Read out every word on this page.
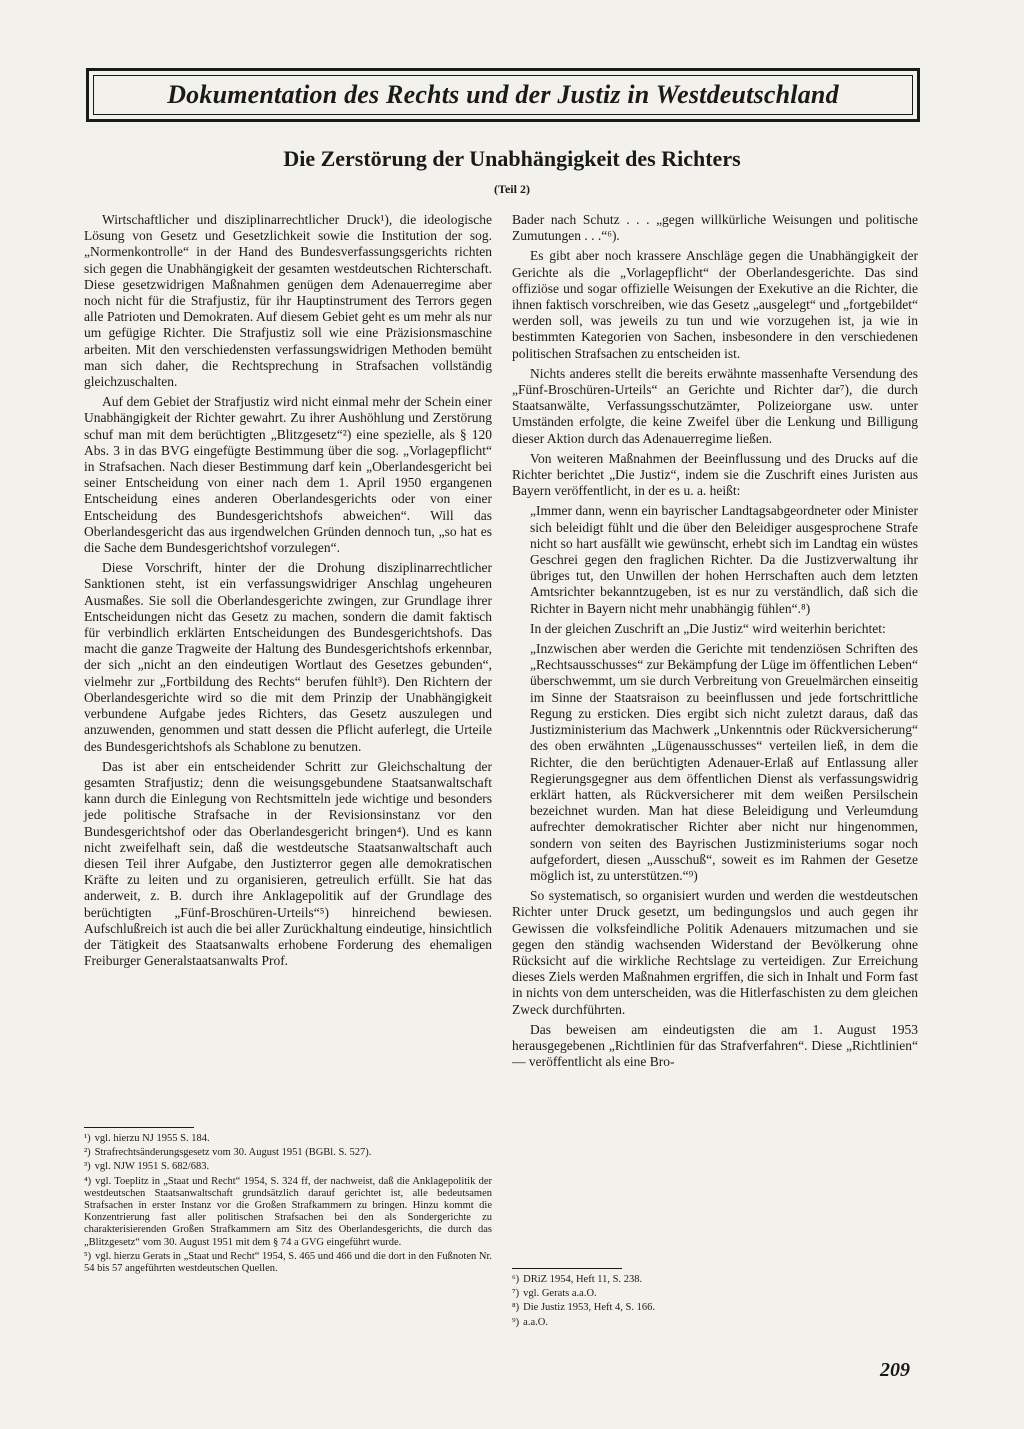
Dokumentation des Rechts und der Justiz in Westdeutschland
Die Zerstörung der Unabhängigkeit des Richters
(Teil 2)

Wirtschaftlicher und disziplinarrechtlicher Druck¹), die ideologische Lösung von Gesetz und Gesetzlichkeit sowie die Institution der sog. „Normenkontrolle“ in der Hand des Bundesverfassungsgerichts richten sich gegen die Unabhängigkeit der gesamten westdeutschen Richterschaft. Diese gesetzwidrigen Maßnahmen genügen dem Adenauerregime aber noch nicht für die Strafjustiz, für ihr Hauptinstrument des Terrors gegen alle Patrioten und Demokraten. Auf diesem Gebiet geht es um mehr als nur um gefügige Richter. Die Strafjustiz soll wie eine Präzisionsmaschine arbeiten. Mit den verschiedensten verfassungswidrigen Methoden bemüht man sich daher, die Rechtsprechung in Strafsachen vollständig gleichzuschalten.

Auf dem Gebiet der Strafjustiz wird nicht einmal mehr der Schein einer Unabhängigkeit der Richter gewahrt. Zu ihrer Aushöhlung und Zerstörung schuf man mit dem berüchtigten „Blitzgesetz“²) eine spezielle, als § 120 Abs. 3 in das BVG eingefügte Bestimmung über die sog. „Vorlagepflicht“ in Strafsachen. Nach dieser Bestimmung darf kein „Oberlandesgericht bei seiner Entscheidung von einer nach dem 1. April 1950 ergangenen Entscheidung eines anderen Oberlandesgerichts oder von einer Entscheidung des Bundesgerichtshofs abweichen“. Will das Oberlandesgericht das aus irgendwelchen Gründen dennoch tun, „so hat es die Sache dem Bundesgerichtshof vorzulegen“.

Diese Vorschrift, hinter der die Drohung disziplinarrechtlicher Sanktionen steht, ist ein verfassungswidriger Anschlag ungeheuren Ausmaßes. Sie soll die Oberlandesgerichte zwingen, zur Grundlage ihrer Entscheidungen nicht das Gesetz zu machen, sondern die damit faktisch für verbindlich erklärten Entscheidungen des Bundesgerichtshofs. Das macht die ganze Tragweite der Haltung des Bundesgerichtshofs erkennbar, der sich „nicht an den eindeutigen Wortlaut des Gesetzes gebunden“, vielmehr zur „Fortbildung des Rechts“ berufen fühlt³). Den Richtern der Oberlandesgerichte wird so die mit dem Prinzip der Unabhängigkeit verbundene Aufgabe jedes Richters, das Gesetz auszulegen und anzuwenden, genommen und statt dessen die Pflicht auferlegt, die Urteile des Bundesgerichtshofs als Schablone zu benutzen.

Das ist aber ein entscheidender Schritt zur Gleichschaltung der gesamten Strafjustiz; denn die weisungsgebundene Staatsanwaltschaft kann durch die Einlegung von Rechtsmitteln jede wichtige und besonders jede politische Strafsache in der Revisionsinstanz vor den Bundesgerichtshof oder das Oberlandesgericht bringen⁴). Und es kann nicht zweifelhaft sein, daß die westdeutsche Staatsanwaltschaft auch diesen Teil ihrer Aufgabe, den Justizterror gegen alle demokratischen Kräfte zu leiten und zu organisieren, getreulich erfüllt. Sie hat das anderweit, z. B. durch ihre Anklagepolitik auf der Grundlage des berüchtigten „Fünf-Broschüren-Urteils“⁵) hinreichend bewiesen. Aufschlußreich ist auch die bei aller Zurückhaltung eindeutige, hinsichtlich der Tätigkeit des Staatsanwalts erhobene Forderung des ehemaligen Freiburger Generalstaatsanwalts Prof.

Bader nach Schutz . . . „gegen willkürliche Weisungen und politische Zumutungen . . .“⁶).

Es gibt aber noch krassere Anschläge gegen die Unabhängigkeit der Gerichte als die „Vorlagepflicht“ der Oberlandesgerichte. Das sind offiziöse und sogar offizielle Weisungen der Exekutive an die Richter, die ihnen faktisch vorschreiben, wie das Gesetz „ausgelegt“ und „fortgebildet“ werden soll, was jeweils zu tun und wie vorzugehen ist, ja wie in bestimmten Kategorien von Sachen, insbesondere in den verschiedenen politischen Strafsachen zu entscheiden ist.

Nichts anderes stellt die bereits erwähnte massenhafte Versendung des „Fünf-Broschüren-Urteils“ an Gerichte und Richter dar⁷), die durch Staatsanwälte, Verfassungsschutzämter, Polizeiorgane usw. unter Umständen erfolgte, die keine Zweifel über die Lenkung und Billigung dieser Aktion durch das Adenauerregime ließen.

Von weiteren Maßnahmen der Beeinflussung und des Drucks auf die Richter berichtet „Die Justiz“, indem sie die Zuschrift eines Juristen aus Bayern veröffentlicht, in der es u. a. heißt:

„Immer dann, wenn ein bayrischer Landtagsabgeordneter oder Minister sich beleidigt fühlt und die über den Beleidiger ausgesprochene Strafe nicht so hart ausfällt wie gewünscht, erhebt sich im Landtag ein wüstes Geschrei gegen den fraglichen Richter. Da die Justizverwaltung ihr übriges tut, den Unwillen der hohen Herrschaften auch dem letzten Amtsrichter bekanntzugeben, ist es nur zu verständlich, daß sich die Richter in Bayern nicht mehr unabhängig fühlen“.⁸)

In der gleichen Zuschrift an „Die Justiz“ wird weiterhin berichtet:

„Inzwischen aber werden die Gerichte mit tendenziösen Schriften des „Rechtsausschusses“ zur Bekämpfung der Lüge im öffentlichen Leben“ überschwemmt, um sie durch Verbreitung von Greuelmärchen einseitig im Sinne der Staatsraison zu beeinflussen und jede fortschrittliche Regung zu ersticken. Dies ergibt sich nicht zuletzt daraus, daß das Justizministerium das Machwerk „Unkenntnis oder Rückversicherung“ des oben erwähnten „Lügenausschusses“ verteilen ließ, in dem die Richter, die den berüchtigten Adenauer-Erlaß auf Entlassung aller Regierungsgegner aus dem öffentlichen Dienst als verfassungswidrig erklärt hatten, als Rückversicherer mit dem weißen Persilschein bezeichnet wurden. Man hat diese Beleidigung und Verleumdung aufrechter demokratischer Richter aber nicht nur hingenommen, sondern von seiten des Bayrischen Justizministeriums sogar noch aufgefordert, diesen „Ausschuß“, soweit es im Rahmen der Gesetze möglich ist, zu unterstützen.“⁹)

So systematisch, so organisiert wurden und werden die westdeutschen Richter unter Druck gesetzt, um bedingungslos und auch gegen ihr Gewissen die volksfeindliche Politik Adenauers mitzumachen und sie gegen den ständig wachsenden Widerstand der Bevölkerung ohne Rücksicht auf die wirkliche Rechtslage zu verteidigen. Zur Erreichung dieses Ziels werden Maßnahmen ergriffen, die sich in Inhalt und Form fast in nichts von dem unterscheiden, was die Hitlerfaschisten zu dem gleichen Zweck durchführten.

Das beweisen am eindeutigsten die am 1. August 1953 herausgegebenen „Richtlinien für das Strafverfahren“. Diese „Richtlinien“ — veröffentlicht als eine Bro-

¹) vgl. hierzu NJ 1955 S. 184.
²) Strafrechtsänderungsgesetz vom 30. August 1951 (BGBl. S. 527).
³) vgl. NJW 1951 S. 682/683.
⁴) vgl. Toeplitz in „Staat und Recht“ 1954, S. 324 ff, der nachweist, daß die Anklagepolitik der westdeutschen Staatsanwaltschaft grundsätzlich darauf gerichtet ist, alle bedeutsamen Strafsachen in erster Instanz vor die Großen Strafkammern zu bringen. Hinzu kommt die Konzentrierung fast aller politischen Strafsachen bei den als Sondergerichte zu charakterisierenden Großen Strafkammern am Sitz des Oberlandesgerichts, die durch das „Blitzgesetz“ vom 30. August 1951 mit dem § 74 a GVG eingeführt wurde.
⁵) vgl. hierzu Gerats in „Staat und Recht“ 1954, S. 465 und 466 und die dort in den Fußnoten Nr. 54 bis 57 angeführten westdeutschen Quellen.
⁶) DRiZ 1954, Heft 11, S. 238.
⁷) vgl. Gerats a.a.O.
⁸) Die Justiz 1953, Heft 4, S. 166.
⁹) a.a.O.
209
